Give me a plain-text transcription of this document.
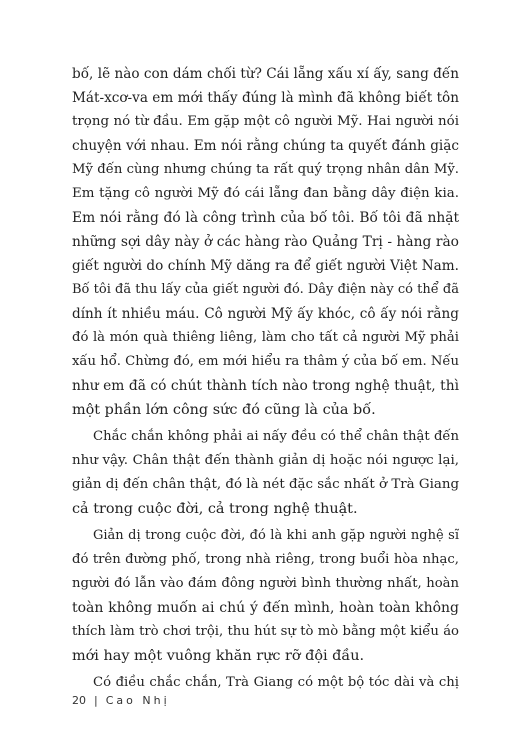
bố, lẽ nào con dám chối từ? Cái lẵng xấu xí ấy, sang đến
Mát-xcơ-va em mới thấy đúng là mình đã không biết tôn
trọng nó từ đầu. Em gặp một cô người Mỹ. Hai người nói
chuyện với nhau. Em nói rằng chúng ta quyết đánh giặc
Mỹ đến cùng nhưng chúng ta rất quý trọng nhân dân Mỹ.
Em tặng cô người Mỹ đó cái lẵng đan bằng dây điện kia.
Em nói rằng đó là công trình của bố tôi. Bố tôi đã nhặt
những sợi dây này ở các hàng rào Quảng Trị - hàng rào
giết người do chính Mỹ dăng ra để giết người Việt Nam.
Bố tôi đã thu lấy của giết người đó. Dây điện này có thể đã
dính ít nhiều máu. Cô người Mỹ ấy khóc, cô ấy nói rằng
đó là món quà thiêng liêng, làm cho tất cả người Mỹ phải
xấu hổ. Chừng đó, em mới hiểu ra thâm ý của bố em. Nếu
như em đã có chút thành tích nào trong nghệ thuật, thì
một phần lớn công sức đó cũng là của bố.
Chắc chắn không phải ai nấy đều có thể chân thật đến
như vậy. Chân thật đến thành giản dị hoặc nói ngược lại,
giản dị đến chân thật, đó là nét đặc sắc nhất ở Trà Giang
cả trong cuộc đời, cả trong nghệ thuật.
Giản dị trong cuộc đời, đó là khi anh gặp người nghệ sĩ
đó trên đường phố, trong nhà riêng, trong buổi hòa nhạc,
người đó lẫn vào đám đông người bình thường nhất, hoàn
toàn không muốn ai chú ý đến mình, hoàn toàn không
thích làm trò chơi trội, thu hút sự tò mò bằng một kiểu áo
mới hay một vuông khăn rực rỡ đội đầu.
Có điều chắc chắn, Trà Giang có một bộ tóc dài và chị
20 | Cao Nhị
